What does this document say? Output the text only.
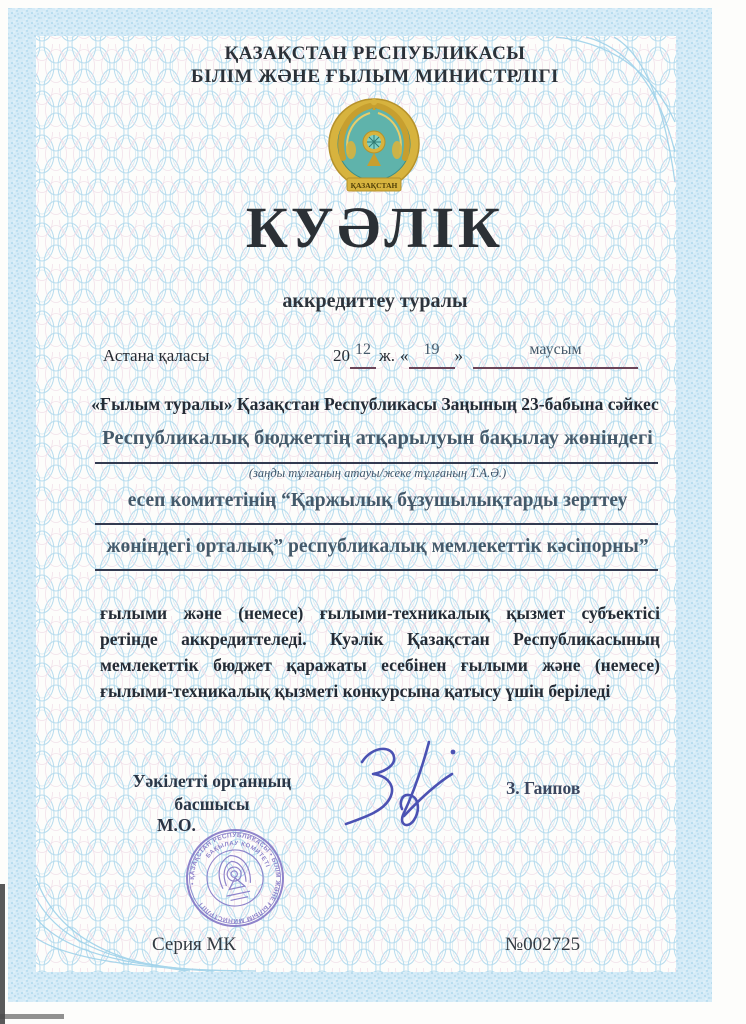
ҚАЗАҚСТАН РЕСПУБЛИКАСЫ
БІЛІМ ЖӘНЕ ҒЫЛЫМ МИНИСТРЛІГІ
ҚАЗАҚСТАН
КУӘЛІК
аккредиттеу туралы
Астана қаласы	20 12 ж. « 19 »	маусым
«Ғылым туралы» Қазақстан Республикасы Заңының 23-бабына сәйкес
Республикалық бюджеттің атқарылуын бақылау жөніндегі
(заңды тұлғаның атауы/жеке тұлғаның Т.А.Ә.)
есеп комитетінің “Қаржылық бұзушылықтарды зерттеу
жөніндегі орталық” республикалық мемлекеттік кәсіпорны”
ғылыми және (немесе) ғылыми-техникалық қызмет субъектісі ретінде аккредиттеледі. Куәлік Қазақстан Республикасының мемлекеттік бюджет қаражаты есебінен ғылыми және (немесе) ғылыми-техникалық қызметі конкурсына қатысу үшін беріледі
Уәкілетті органның
басшысы
М.О.
З. Гаипов
• ҚАЗАҚСТАН РЕСПУБЛИКАСЫ • БІЛІМ ЖӘНЕ ҒЫЛЫМ МИНИСТРЛІГІ
БАҚЫЛАУ КОМИТЕТІ
Серия МК	№002725
